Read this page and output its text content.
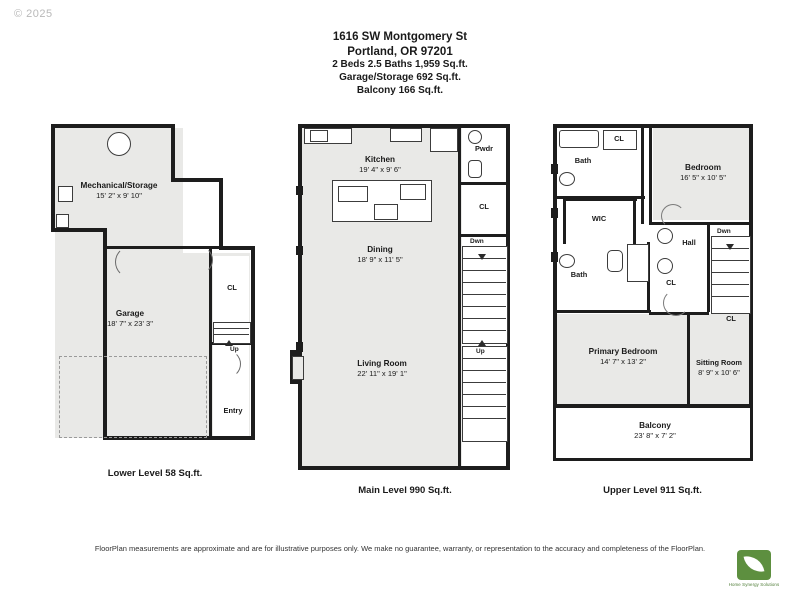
© 2025
1616 SW Montgomery St
Portland, OR 97201
2 Beds 2.5 Baths 1,959 Sq.ft.
Garage/Storage 692 Sq.ft.
Balcony 166 Sq.ft.
Up
Mechanical/Storage
15' 2" x 9' 10"
Garage
18' 7" x 23' 3"
CL
Entry
Lower Level 58 Sq.ft.
Dwn
Up
Kitchen
19' 4" x 9' 6"
Dining
18' 9" x 11' 5"
Living Room
22' 11" x 19' 1"
Pwdr
CL
Main Level 990 Sq.ft.
Dwn
Bedroom
16' 5" x 10' 5"
Primary Bedroom
14' 7" x 13' 2"	Sitting Room
8' 9" x 10' 6"
Balcony
23' 8" x 7' 2"
Bath
Bath
WIC
Hall
CL
CL
CL
Upper Level 911 Sq.ft.
FloorPlan measurements are approximate and are for illustrative purposes only. We make no guarantee, warranty, or representation to the accuracy and completeness of the FloorPlan.
Home Synergy Solutions
